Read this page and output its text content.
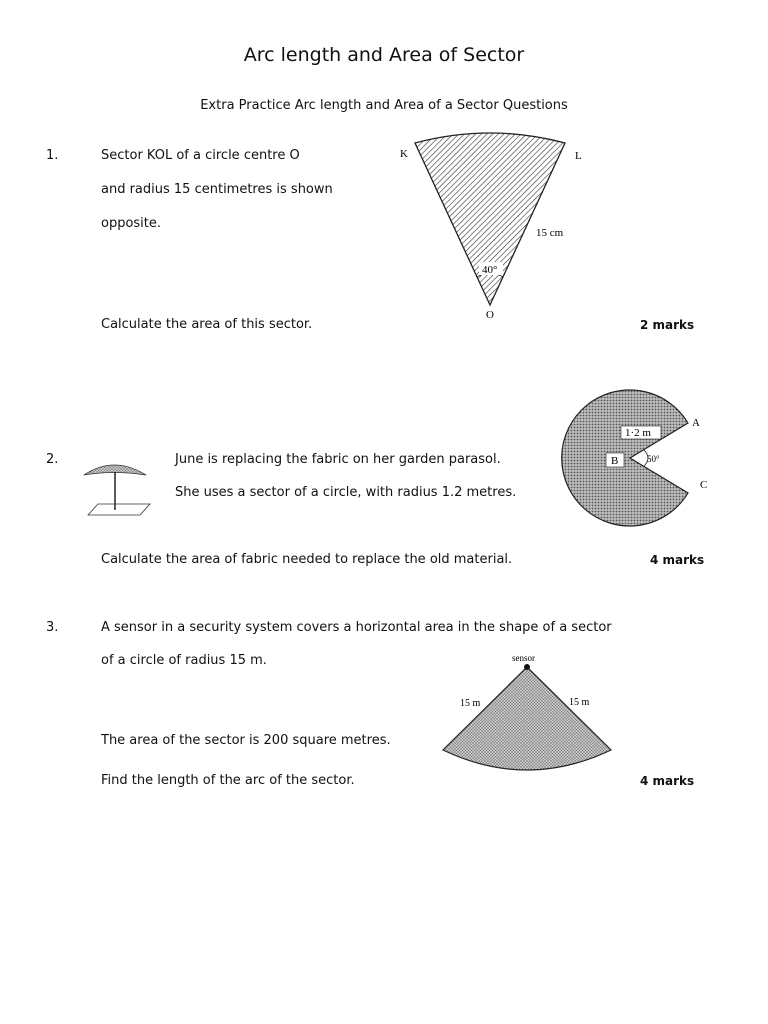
Arc length and Area of Sector
Extra Practice Arc length and Area of a Sector Questions
1.	Sector KOL of a circle centre O
and radius 15 centimetres is shown
opposite.
Calculate the area of this sector.	2 marks
40°
K	L
O
15 cm
2.	June is replacing the fabric on her garden parasol.
She uses a sector of a circle, with radius 1.2 metres.
Calculate the area of fabric needed to replace the old material.	4 marks
1·2 m
B	50°
A
C
3.	A sensor in a security system covers a horizontal area in the shape of a sector
of a circle of radius 15 m.
The area of the sector is 200 square metres.
Find the length of the arc of the sector.	4 marks
sensor
15 m	15 m
